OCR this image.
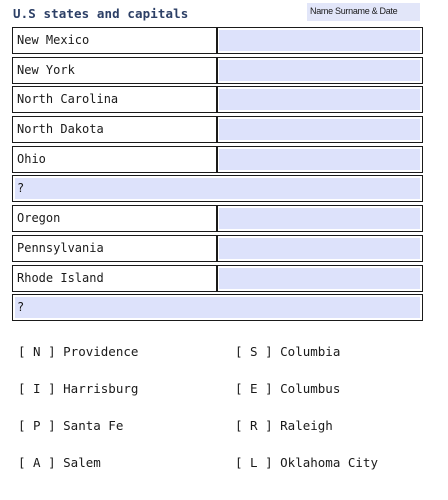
U.S states and capitals	Name Surname & Date
New Mexico
New York
North Carolina
North Dakota
Ohio
?
Oregon
Pennsylvania
Rhode Island
?
[ N ] Providence	[ S ] Columbia
[ I ] Harrisburg	[ E ] Columbus
[ P ] Santa Fe	[ R ] Raleigh
[ A ] Salem	[ L ] Oklahoma City
